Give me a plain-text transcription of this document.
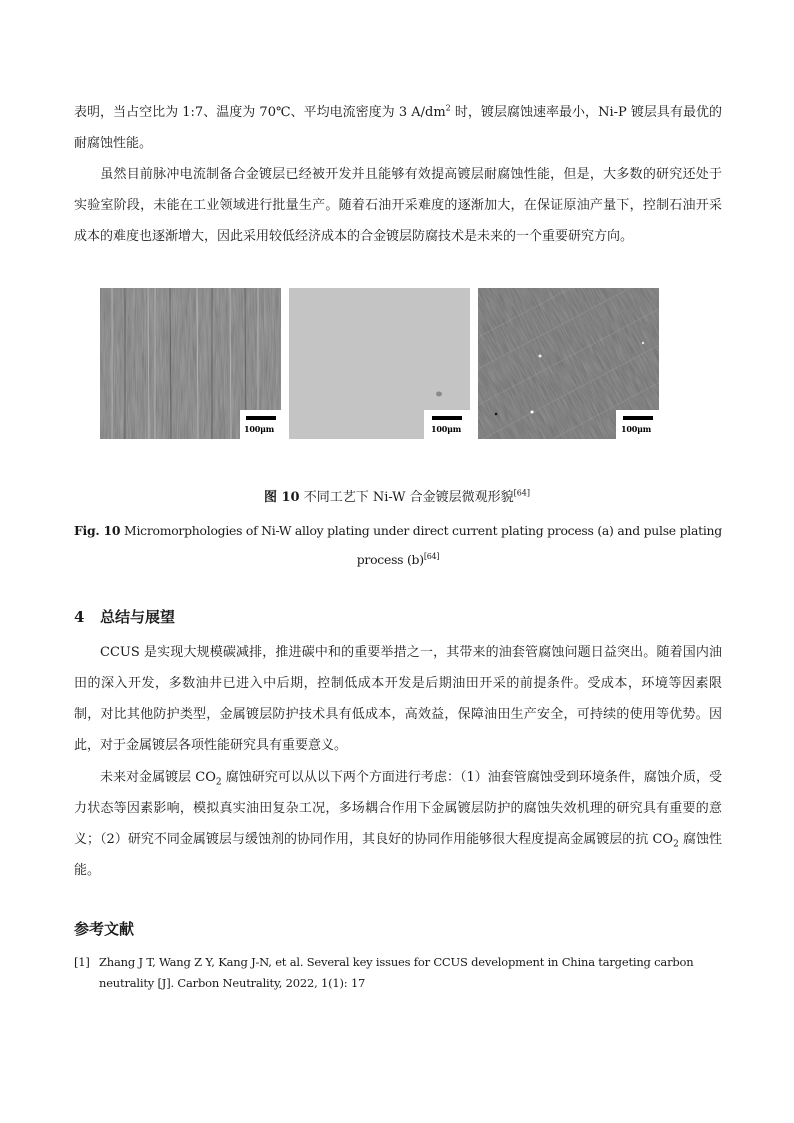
表明，当占空比为 1:7、温度为 70℃、平均电流密度为 3 $A/dm^2$ 时，镀层腐蚀速率最小，Ni-P 镀层具有最优的耐腐蚀性能。

虽然目前脉冲电流制备合金镀层已经被开发并且能够有效提高镀层耐腐蚀性能，但是，大多数的研究还处于实验室阶段，未能在工业领域进行批量生产。随着石油开采难度的逐渐加大，在保证原油产量下，控制石油开采成本的难度也逐渐增大，因此采用较低经济成本的合金镀层防腐技术是未来的一个重要研究方向。

100μm	100μm	100μm
图 10 不同工艺下 Ni-W 合金镀层微观形貌[64]
Fig. 10 Micromorphologies of Ni-W alloy plating under direct current plating process (a) and pulse plating process (b)[64]
4 总结与展望

CCUS 是实现大规模碳减排，推进碳中和的重要举措之一，其带来的油套管腐蚀问题日益突出。随着国内油田的深入开发，多数油井已进入中后期，控制低成本开发是后期油田开采的前提条件。受成本，环境等因素限制，对比其他防护类型，金属镀层防护技术具有低成本，高效益，保障油田生产安全，可持续的使用等优势。因此，对于金属镀层各项性能研究具有重要意义。

未来对金属镀层 $CO_2$ 腐蚀研究可以从以下两个方面进行考虑：（1）油套管腐蚀受到环境条件，腐蚀介质，受力状态等因素影响，模拟真实油田复杂工况，多场耦合作用下金属镀层防护的腐蚀失效机理的研究具有重要的意义；（2）研究不同金属镀层与缓蚀剂的协同作用，其良好的协同作用能够很大程度提高金属镀层的抗 $CO_2$ 腐蚀性能。

参考文献
[1] Zhang J T, Wang Z Y, Kang J-N, et al. Several key issues for CCUS development in China targeting carbon neutrality [J]. Carbon Neutrality, 2022, 1(1): 17
